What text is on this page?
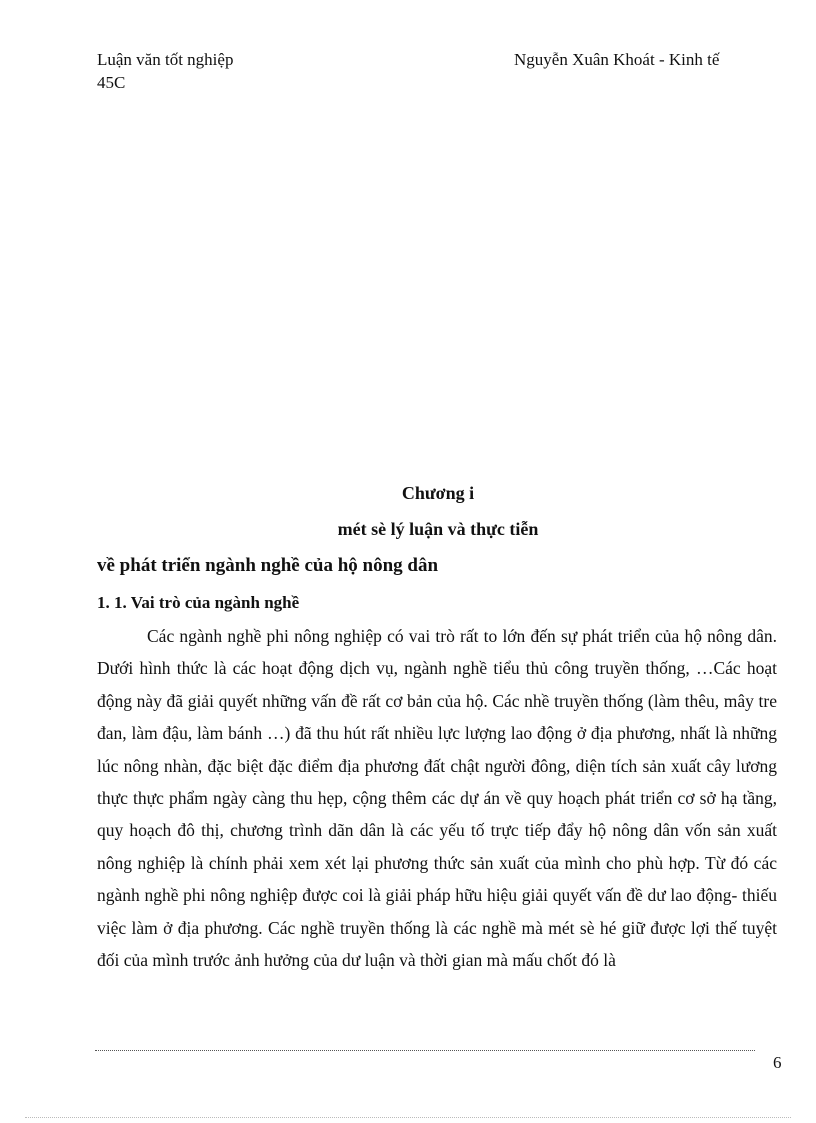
Luận văn tốt nghiệp	Nguyễn Xuân Khoát - Kinh tế
45C
Chương i
mét sè lý luận và thực tiễn
về phát triển ngành nghề của hộ nông dân
1. 1. Vai trò của ngành nghề

Các ngành nghề phi nông nghiệp có vai trò rất to lớn đến sự phát triển của hộ nông dân. Dưới hình thức là các hoạt động dịch vụ, ngành nghề tiểu thủ công truyền thống, …Các hoạt động này đã giải quyết những vấn đề rất cơ bản của hộ. Các nhề truyền thống (làm thêu, mây tre đan, làm đậu, làm bánh …) đã thu hút rất nhiều lực lượng lao động ở địa phương, nhất là những lúc nông nhàn, đặc biệt đặc điểm địa phương đất chật người đông, diện tích sản xuất cây lương thực thực phẩm ngày càng thu hẹp, cộng thêm các dự án về quy hoạch phát triển cơ sở hạ tầng, quy hoạch đô thị, chương trình dãn dân là các yếu tố trực tiếp đẩy hộ nông dân vốn sản xuất nông nghiệp là chính phải xem xét lại phương thức sản xuất của mình cho phù hợp. Từ đó các ngành nghề phi nông nghiệp được coi là giải pháp hữu hiệu giải quyết vấn đề dư lao động- thiếu việc làm ở địa phương. Các nghề truyền thống là các nghề mà mét sè hé giữ được lợi thế tuyệt đối của mình trước ảnh hưởng của dư luận và thời gian mà mấu chốt đó là

6
